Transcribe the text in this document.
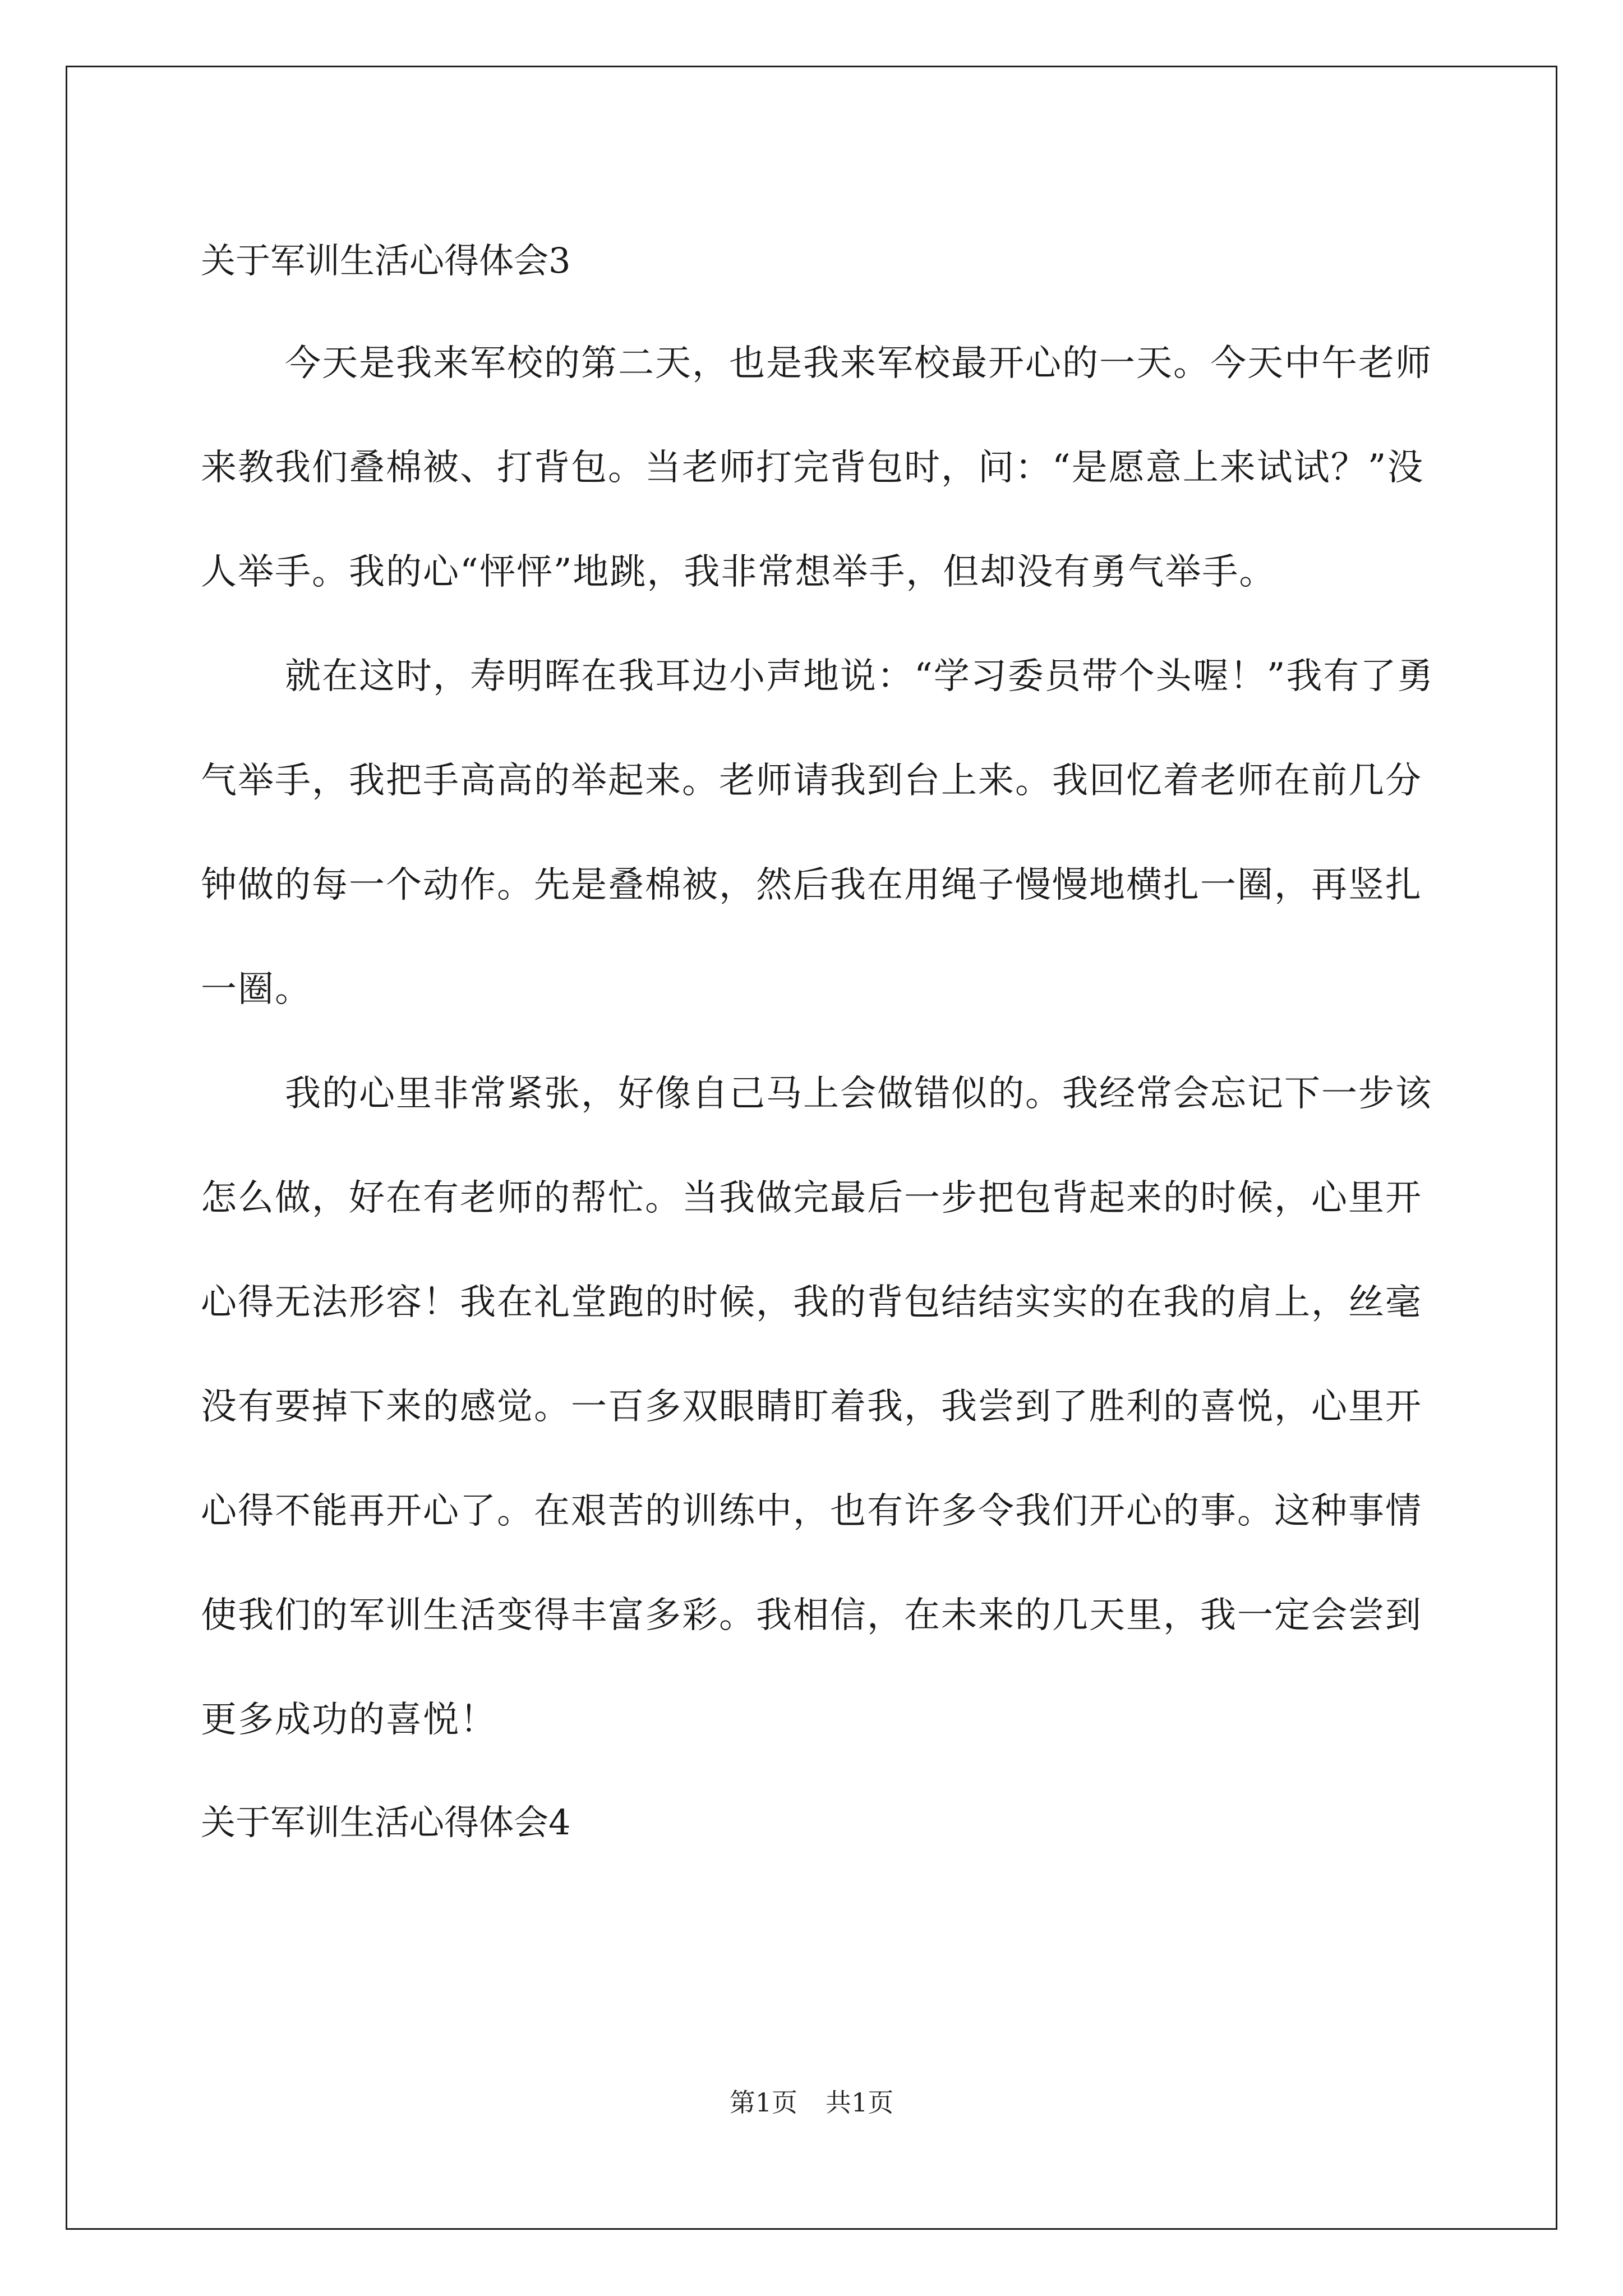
关于军训生活心得体会3

今天是我来军校的第二天，也是我来军校最开心的一天。今天中午老师来教我们叠棉被、打背包。当老师打完背包时，问：“是愿意上来试试？”没人举手。我的心“怦怦”地跳，我非常想举手，但却没有勇气举手。

就在这时，寿明晖在我耳边小声地说：“学习委员带个头喔！”我有了勇气举手，我把手高高的举起来。老师请我到台上来。我回忆着老师在前几分钟做的每一个动作。先是叠棉被，然后我在用绳子慢慢地横扎一圈，再竖扎一圈。

我的心里非常紧张，好像自己马上会做错似的。我经常会忘记下一步该怎么做，好在有老师的帮忙。当我做完最后一步把包背起来的时候，心里开心得无法形容！我在礼堂跑的时候，我的背包结结实实的在我的肩上，丝毫没有要掉下来的感觉。一百多双眼睛盯着我，我尝到了胜利的喜悦，心里开心得不能再开心了。在艰苦的训练中，也有许多令我们开心的事。这种事情使我们的军训生活变得丰富多彩。我相信，在未来的几天里，我一定会尝到更多成功的喜悦！

关于军训生活心得体会4
第1页 共1页
